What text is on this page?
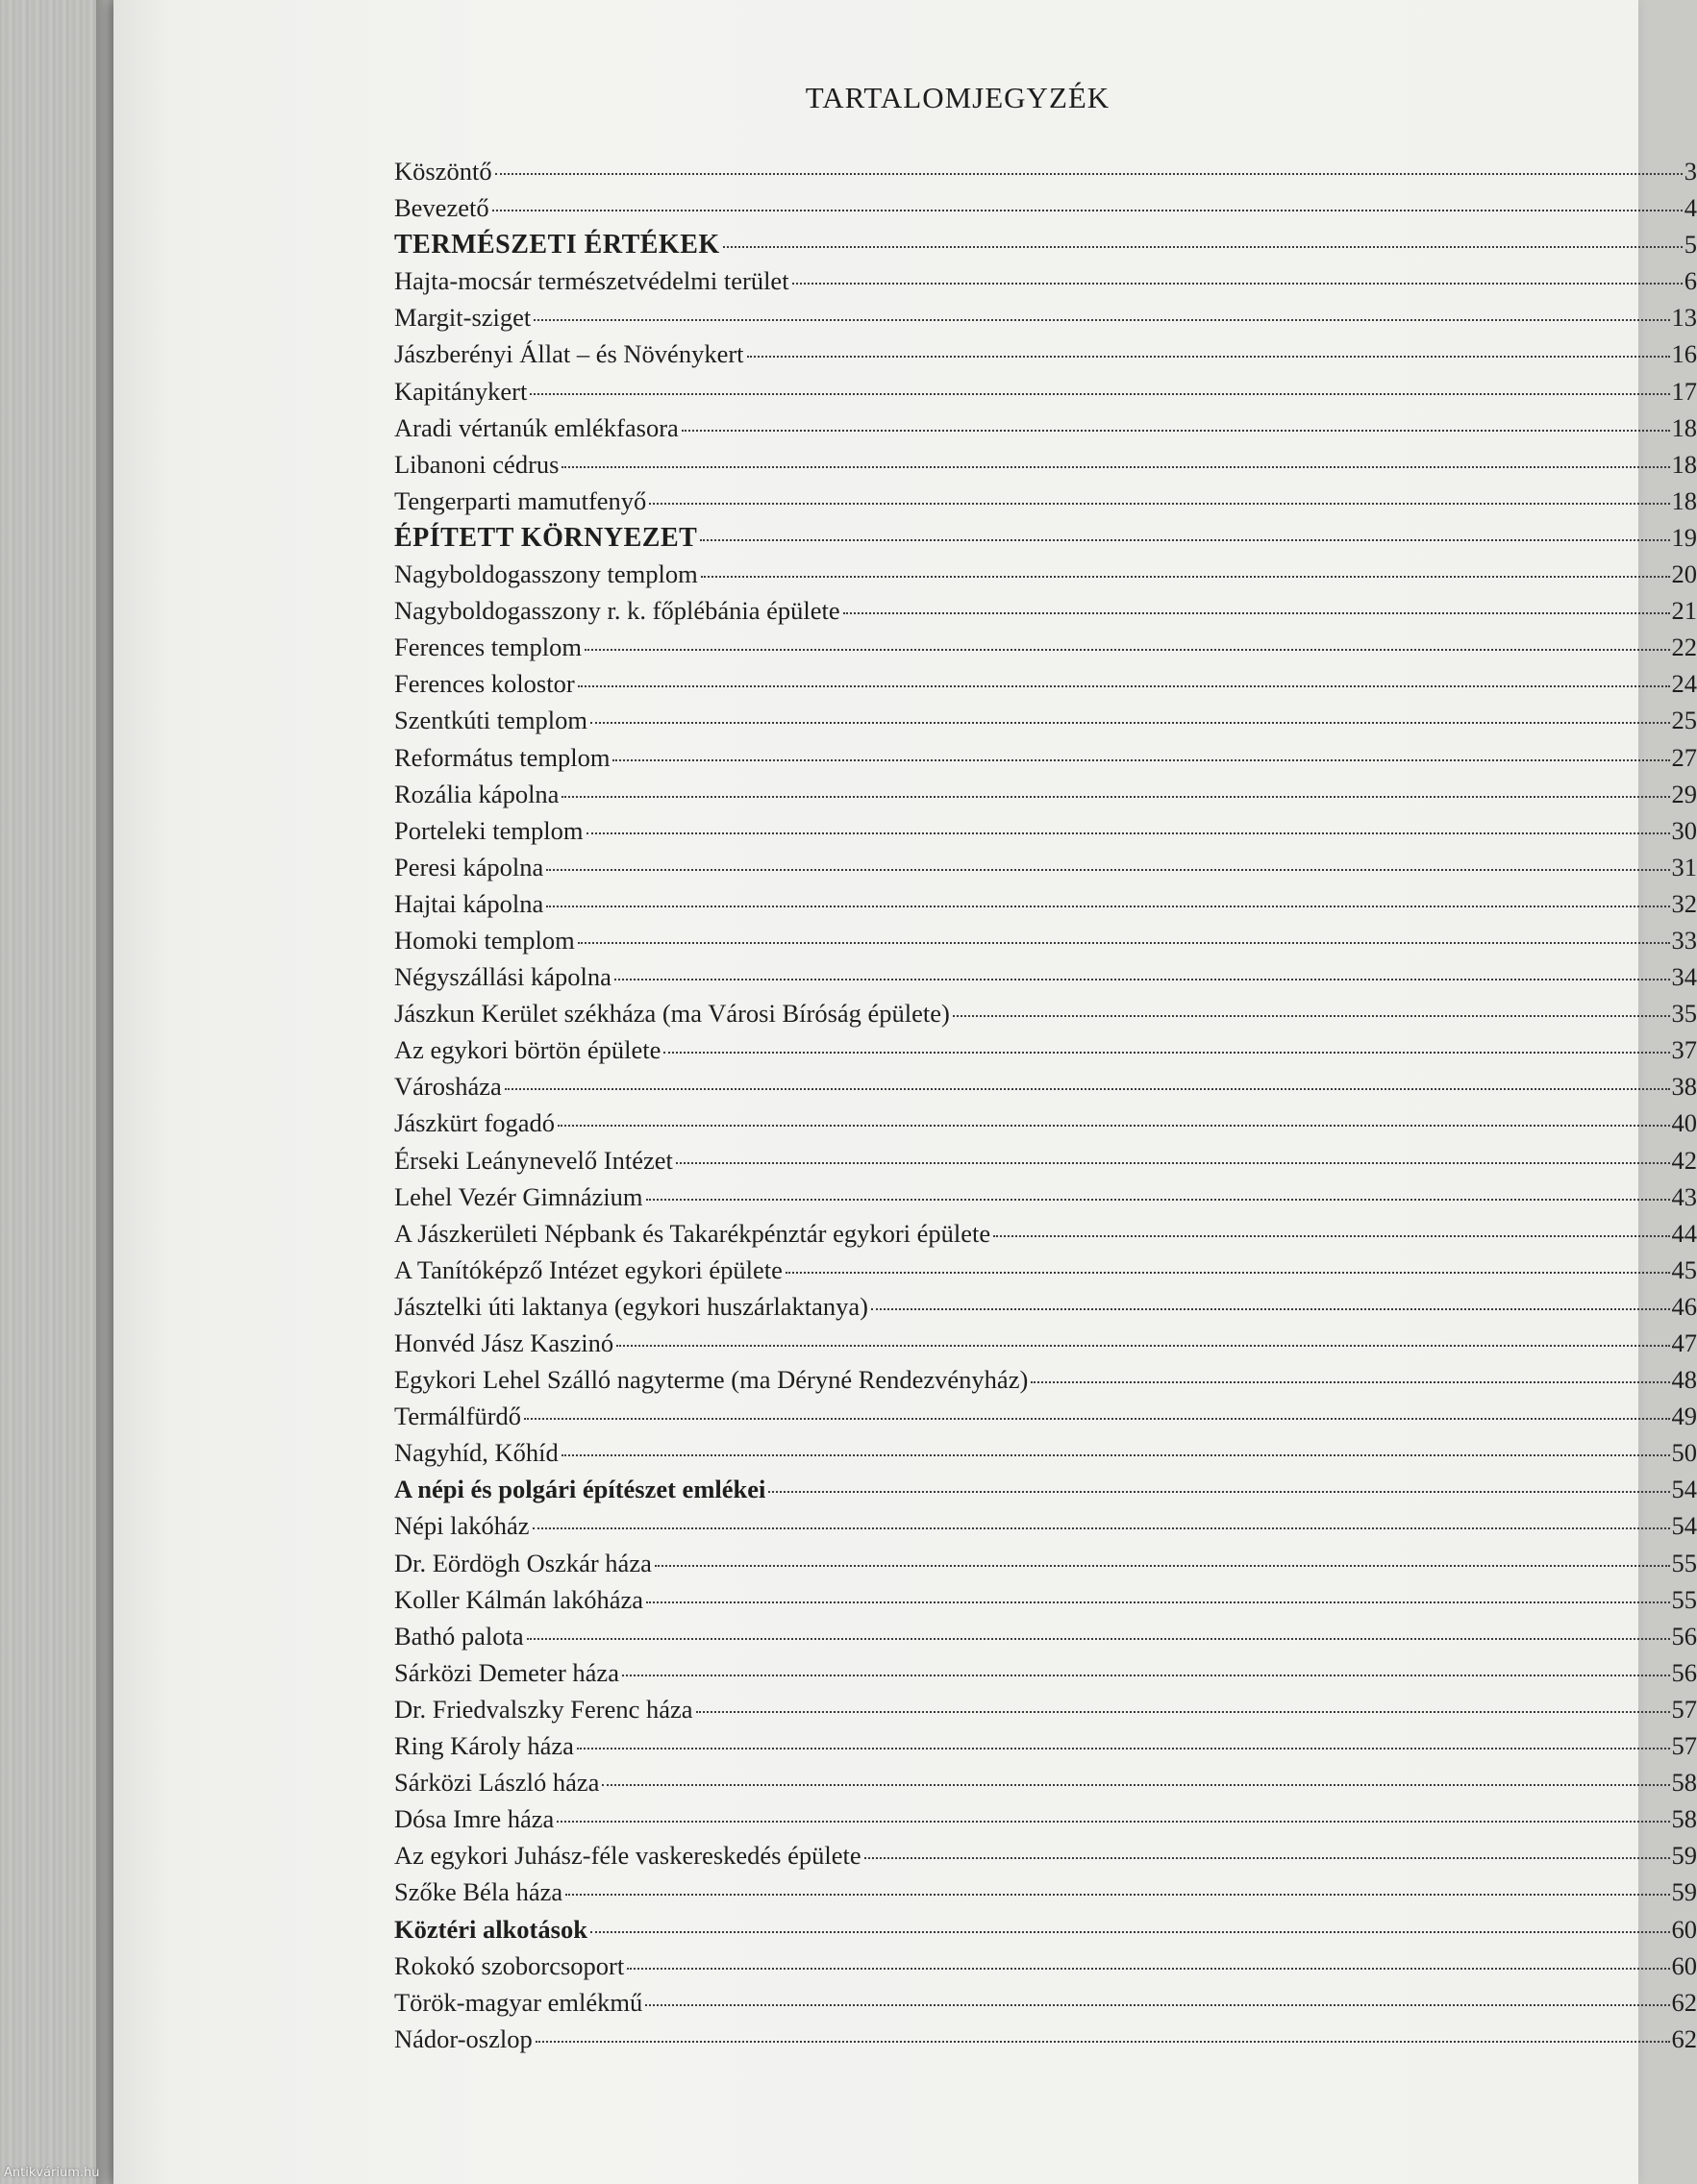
TARTALOMJEGYZÉK
Köszöntő	3
Bevezető	4
TERMÉSZETI ÉRTÉKEK	5
Hajta-mocsár természetvédelmi terület	6
Margit-sziget	13
Jászberényi Állat – és Növénykert	16
Kapitánykert	17
Aradi vértanúk emlékfasora	18
Libanoni cédrus	18
Tengerparti mamutfenyő	18
ÉPÍTETT KÖRNYEZET	19
Nagyboldogasszony templom	20
Nagyboldogasszony r. k. főplébánia épülete	21
Ferences templom	22
Ferences kolostor	24
Szentkúti templom	25
Református templom	27
Rozália kápolna	29
Porteleki templom	30
Peresi kápolna	31
Hajtai kápolna	32
Homoki templom	33
Négyszállási kápolna	34
Jászkun Kerület székháza (ma Városi Bíróság épülete)	35
Az egykori börtön épülete	37
Városháza	38
Jászkürt fogadó	40
Érseki Leánynevelő Intézet	42
Lehel Vezér Gimnázium	43
A Jászkerületi Népbank és Takarékpénztár egykori épülete	44
A Tanítóképző Intézet egykori épülete	45
Jásztelki úti laktanya (egykori huszárlaktanya)	46
Honvéd Jász Kaszinó	47
Egykori Lehel Szálló nagyterme (ma Déryné Rendezvényház)	48
Termálfürdő	49
Nagyhíd, Kőhíd	50
A népi és polgári építészet emlékei	54
Népi lakóház	54
Dr. Eördögh Oszkár háza	55
Koller Kálmán lakóháza	55
Bathó palota	56
Sárközi Demeter háza	56
Dr. Friedvalszky Ferenc háza	57
Ring Károly háza	57
Sárközi László háza	58
Dósa Imre háza	58
Az egykori Juhász-féle vaskereskedés épülete	59
Szőke Béla háza	59
Köztéri alkotások	60
Rokokó szoborcsoport	60
Török-magyar emlékmű	62
Nádor-oszlop	62
Antikvárium.hu
